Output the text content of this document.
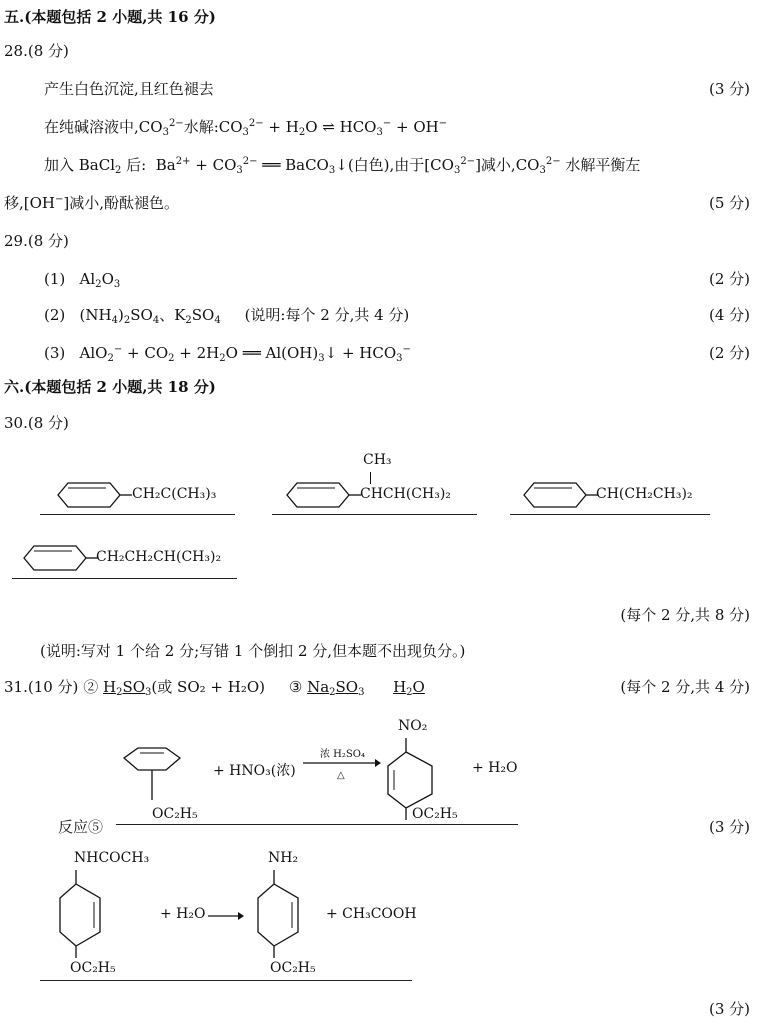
五.(本题包括 2 小题,共 16 分)
28.(8 分)
产生白色沉淀,且红色褪去	(3 分)
在纯碱溶液中$,CO_3^{2-}$水解$:CO_3^{2-} + H_2O$ ⇌ $HCO_3^- + OH^-$
加入 BaCl$_2$ 后:  $Ba^{2+} + CO_3^{2-}$ ══ BaCO$_3$↓(白色),由于$[CO_3^{2-}]$减小$,CO_3^{2-}$ 水解平衡左
移,[OH−]减小,酚酞褪色。	(5 分)
29.(8 分)
(1)   $Al_2O_3$	(2 分)
(2)   $(NH_4)_2SO_4$、$K_2SO_4$ (说明:每个 2 分,共 4 分)	(4 分)
(3)   $AlO_2^- + CO_2 + 2H_2O$ ══ $Al(OH)_3↓ + HCO_3^-$	(2 分)
六.(本题包括 2 小题,共 18 分)
30.(8 分)
CH₂C(CH₃)₃
CH₃
CHCH(CH₃)₂	CH(CH₂CH₃)₂
CH₂CH₂CH(CH₃)₂
(每个 2 分,共 8 分)
(说明:写对 1 个给 2 分;写错 1 个倒扣 2 分,但本题不出现负分。)
31.(10 分) ② $H_2SO_3$(或 SO₂ + H₂O) ③ $Na_2SO_3$ $H_2O$	(每个 2 分,共 4 分)
OC₂H₅
+ HNO₃(浓)
浓 H₂SO₄
△
NO₂
OC₂H₅
+ H₂O
反应⑤	(3 分)
NHCOCH₃
OC₂H₅
+ H₂O →
NH₂
OC₂H₅
+ CH₃COOH
(3 分)
